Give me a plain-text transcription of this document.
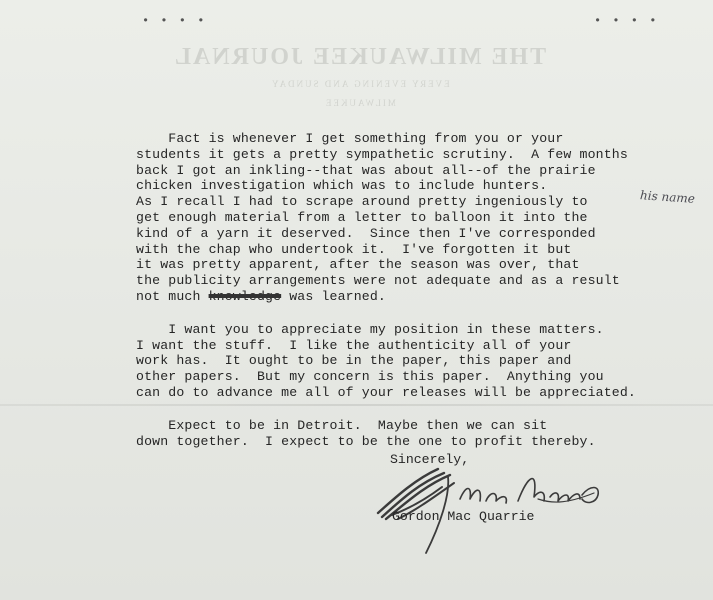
• • • •	• • • •
THE MILWAUKEE JOURNAL
EVERY EVENING AND SUNDAY
MILWAUKEE
Fact is whenever I get something from you or your
students it gets a pretty sympathetic scrutiny.  A few months
back I got an inkling--that was about all--of the prairie
chicken investigation which was to include hunters.
As I recall I had to scrape around pretty ingeniously to
get enough material from a letter to balloon it into the
kind of a yarn it deserved.  Since then I've corresponded
with the chap who undertook it.  I've forgotten it but
it was pretty apparent, after the season was over, that
the publicity arrangements were not adequate and as a result
not much knowledge was learned.
I want you to appreciate my position in these matters.
I want the stuff.  I like the authenticity all of your
work has.  It ought to be in the paper, this paper and
other papers.  But my concern is this paper.  Anything you
can do to advance me all of your releases will be appreciated.
Expect to be in Detroit.  Maybe then we can sit
down together.  I expect to be the one to profit thereby.
his name
Sincerely,
Gordon Mac Quarrie
